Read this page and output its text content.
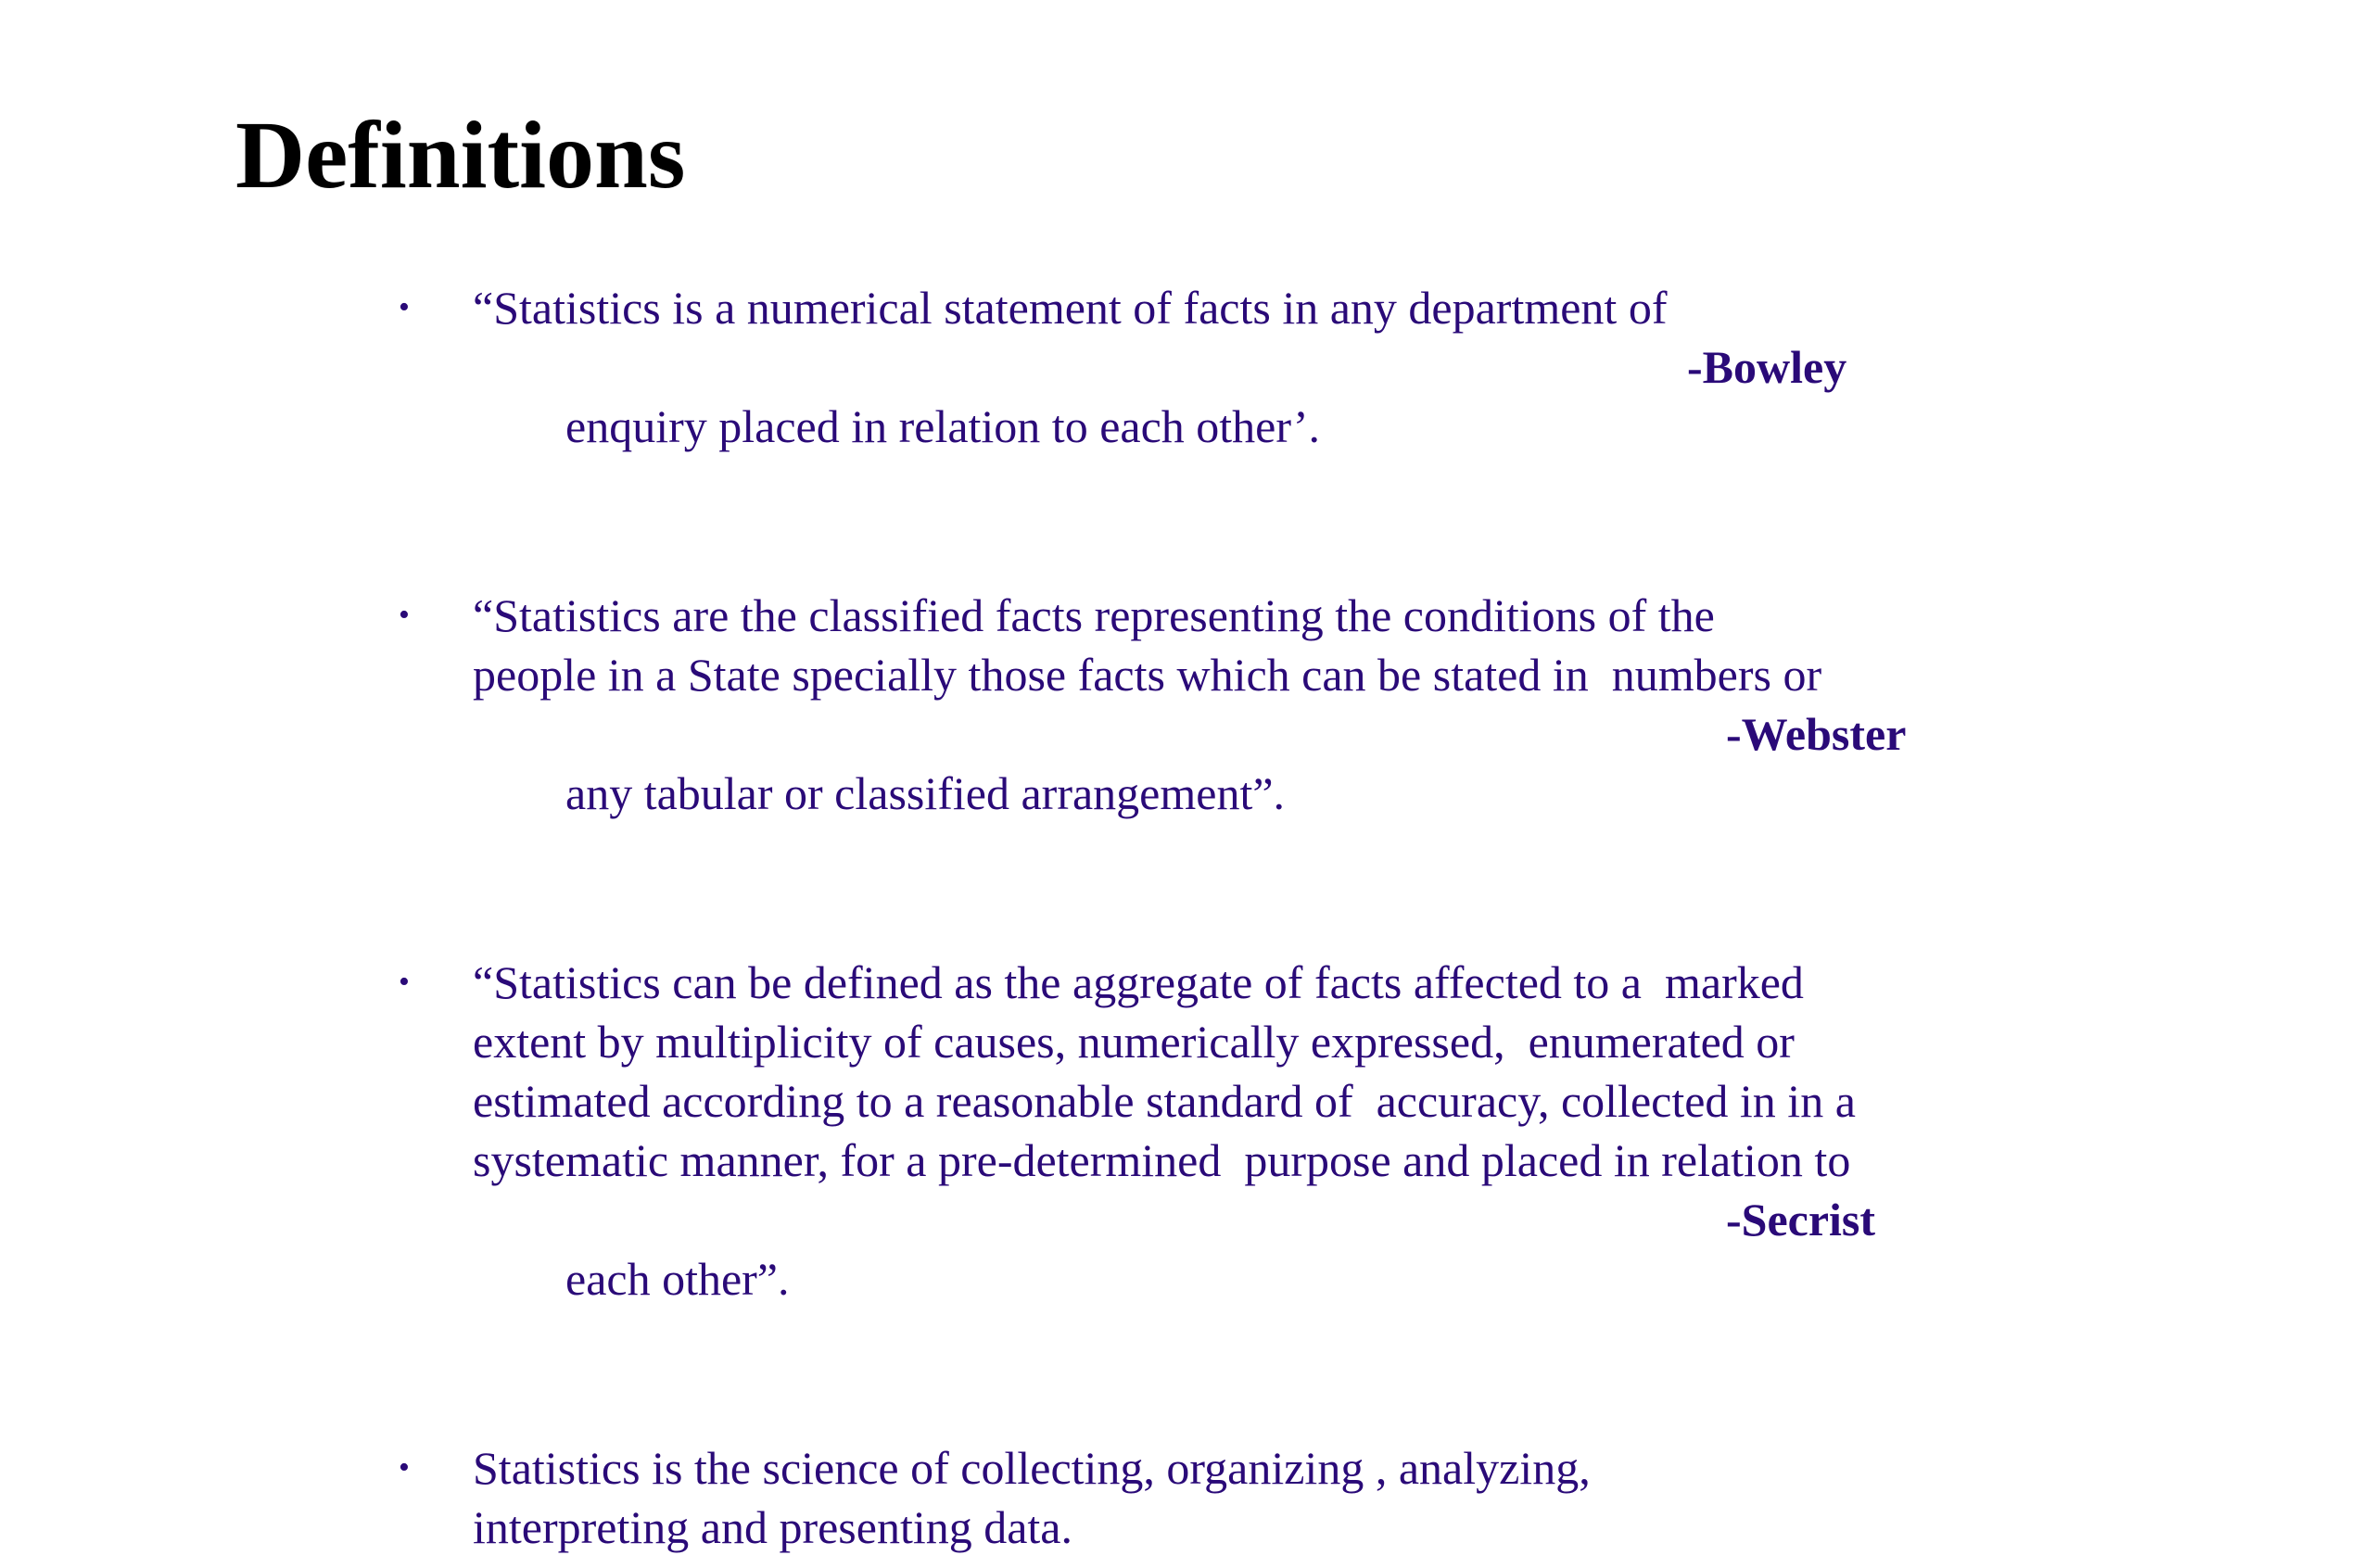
Definitions
• “Statistics is a numerical statement of facts in any department of

enquiry placed in relation to each other’.

-Bowley

• “Statistics are the classified facts representing the conditions of the
people in a State specially those facts which can be stated in  numbers or

any tabular or classified arrangement”.

-Webster

• “Statistics can be defined as the aggregate of facts affected to a  marked
extent by multiplicity of causes, numerically expressed,  enumerated or
estimated according to a reasonable standard of  accuracy, collected in in a
systematic manner, for a pre-determined  purpose and placed in relation to

each other”.

-Secrist

• Statistics is the science of collecting, organizing , analyzing,
interpreting and presenting data.
